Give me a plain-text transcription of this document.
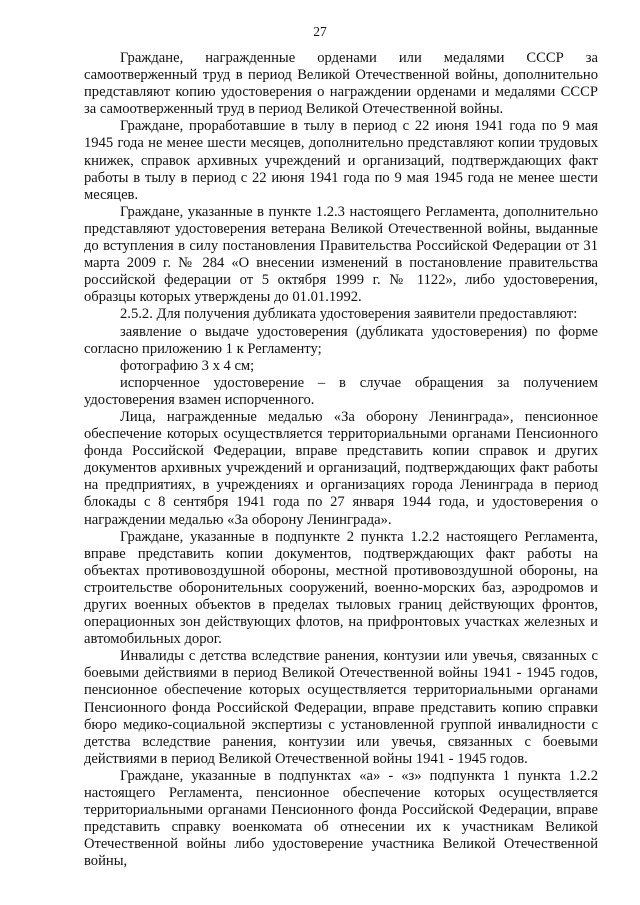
27

Граждане, награжденные орденами или медалями СССР за самоотверженный труд в период Великой Отечественной войны, дополнительно представляют копию удостоверения о награждении орденами и медалями СССР за самоотверженный труд в период Великой Отечественной войны.

Граждане, проработавшие в тылу в период с 22 июня 1941 года по 9 мая 1945 года не менее шести месяцев, дополнительно представляют копии трудовых книжек, справок архивных учреждений и организаций, подтверждающих факт работы в тылу в период с 22 июня 1941 года по 9 мая 1945 года не менее шести месяцев.

Граждане, указанные в пункте 1.2.3 настоящего Регламента, дополнительно представляют удостоверения ветерана Великой Отечественной войны, выданные до вступления в силу постановления Правительства Российской Федерации от 31 марта 2009 г. № 284 «О внесении изменений в постановление правительства российской федерации от 5 октября 1999 г. № 1122», либо удостоверения, образцы которых утверждены до 01.01.1992.

2.5.2. Для получения дубликата удостоверения заявители предоставляют:

заявление о выдаче удостоверения (дубликата удостоверения) по форме согласно приложению 1 к Регламенту;

фотографию 3 х 4 см;

испорченное удостоверение – в случае обращения за получением удостоверения взамен испорченного.

Лица, награжденные медалью «За оборону Ленинграда», пенсионное обеспечение которых осуществляется территориальными органами Пенсионного фонда Российской Федерации, вправе представить копии справок и других документов архивных учреждений и организаций, подтверждающих факт работы на предприятиях, в учреждениях и организациях города Ленинграда в период блокады с 8 сентября 1941 года по 27 января 1944 года, и удостоверения о награждении медалью «За оборону Ленинграда».

Граждане, указанные в подпункте 2 пункта 1.2.2 настоящего Регламента, вправе представить копии документов, подтверждающих факт работы на объектах противовоздушной обороны, местной противовоздушной обороны, на строительстве оборонительных сооружений, военно-морских баз, аэродромов и других военных объектов в пределах тыловых границ действующих фронтов, операционных зон действующих флотов, на прифронтовых участках железных и автомобильных дорог.

Инвалиды с детства вследствие ранения, контузии или увечья, связанных с боевыми действиями в период Великой Отечественной войны 1941 - 1945 годов, пенсионное обеспечение которых осуществляется территориальными органами Пенсионного фонда Российской Федерации, вправе представить копию справки бюро медико-социальной экспертизы с установленной группой инвалидности с детства вследствие ранения, контузии или увечья, связанных с боевыми действиями в период Великой Отечественной войны 1941 - 1945 годов.

Граждане, указанные в подпунктах «а» - «з» подпункта 1 пункта 1.2.2 настоящего Регламента, пенсионное обеспечение которых осуществляется территориальными органами Пенсионного фонда Российской Федерации, вправе представить справку военкомата об отнесении их к участникам Великой Отечественной войны либо удостоверение участника Великой Отечественной войны,
